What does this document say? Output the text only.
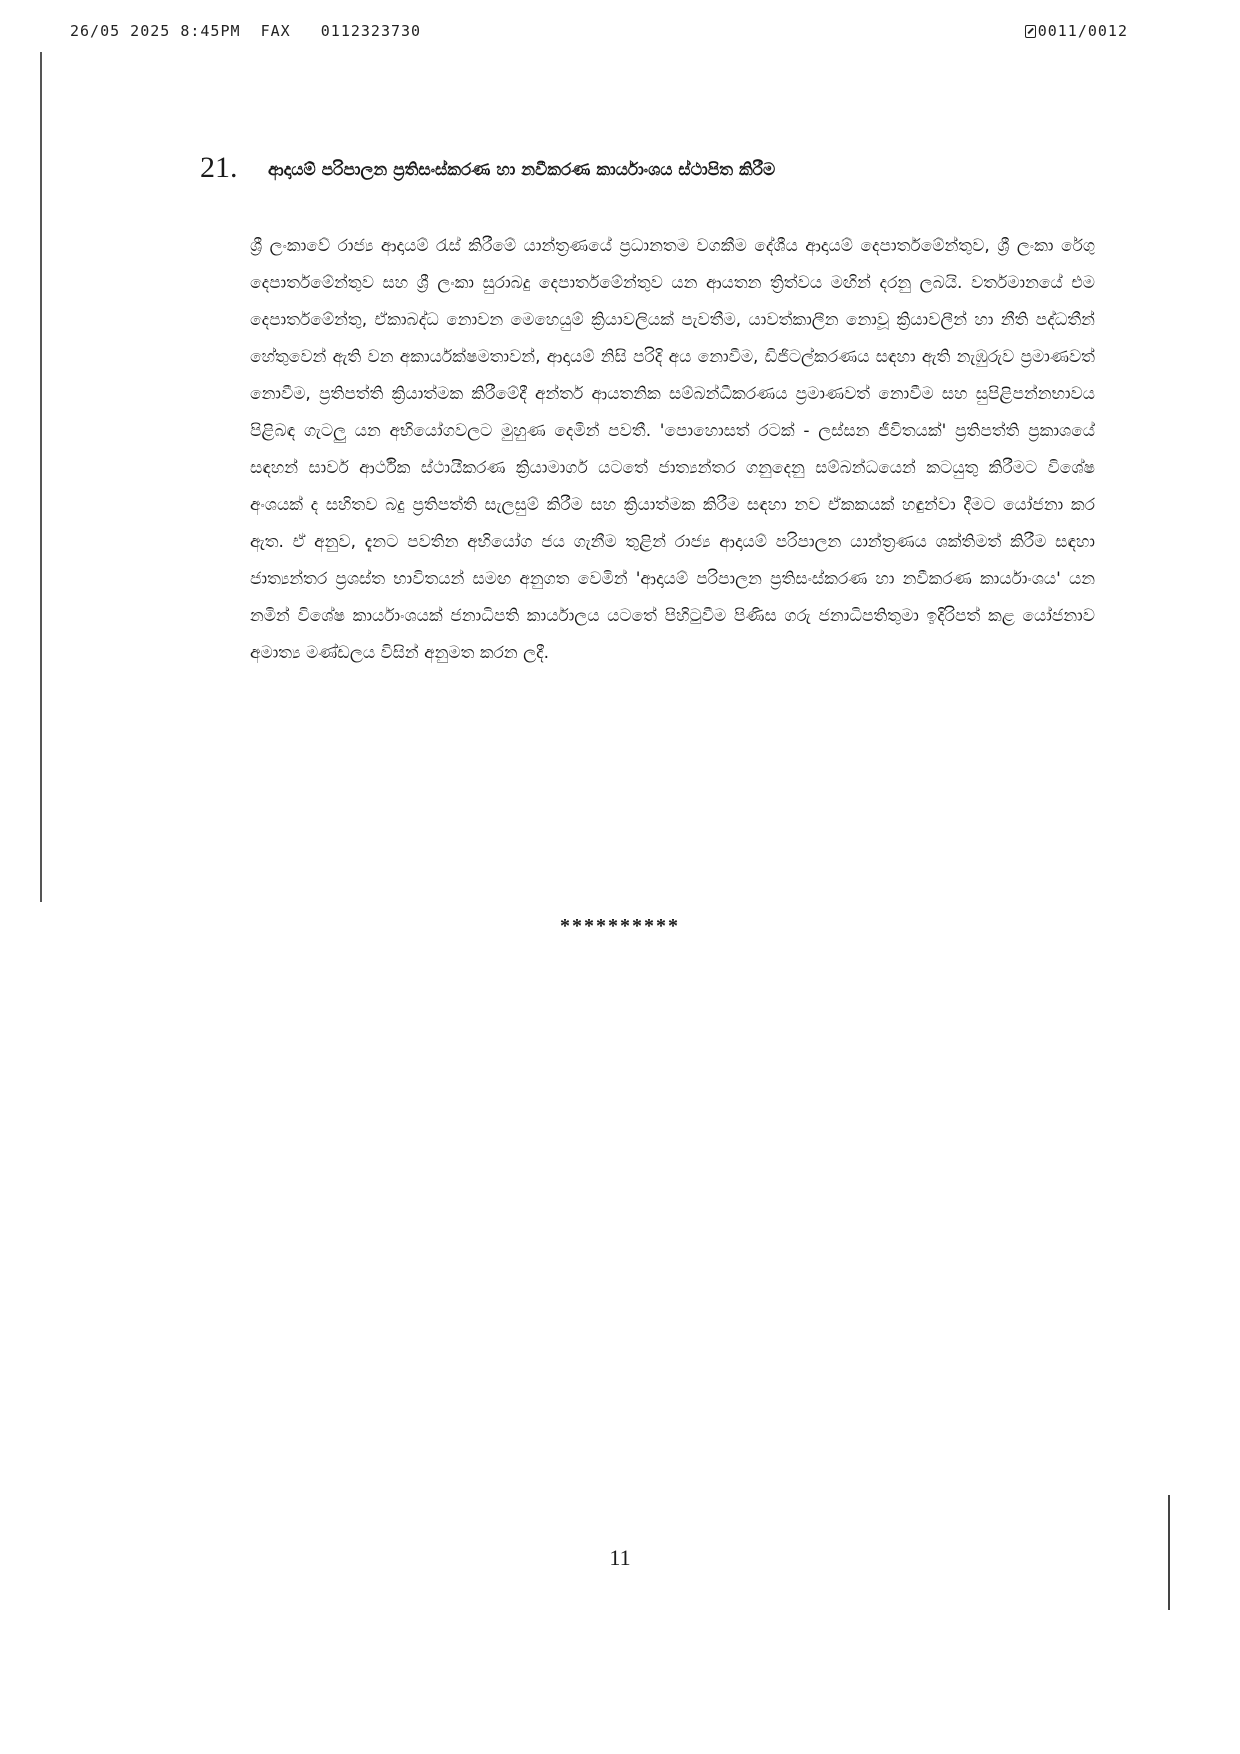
26/05 2025 8:45PM FAX 0112323730	0011/0012
21. ආදායම් පරිපාලන ප්‍රතිසංස්කරණ හා නවීකරණ කාර්යාංශය ස්ථාපිත කිරීම

ශ්‍රී ලංකාවේ රාජ්‍ය ආදායම් රැස් කිරීමේ යාන්ත්‍රණයේ ප්‍රධානතම වගකීම දේශීය ආදායම් දෙපාර්තමේන්තුව, ශ්‍රී ලංකා රේගු දෙපාර්තමේන්තුව සහ ශ්‍රී ලංකා සුරාබදු දෙපාර්තමේන්තුව යන ආයතන ත්‍රිත්වය මඟින් දරනු ලබයි. වර්තමානයේ එම දෙපාර්තමේන්තු, ඒකාබද්ධ නොවන මෙහෙයුම් ක්‍රියාවලියක් පැවතීම, යාවත්කාලීන නොවූ ක්‍රියාවලීන් හා නීති පද්ධතීන් හේතුවෙන් ඇති වන අකාර්යක්ෂමතාවන්, ආදායම් නිසි පරිදි අය නොවීම, ඩිජිටල්කරණය සඳහා ඇති නැඹුරුව ප්‍රමාණවත් නොවීම, ප්‍රතිපත්ති ක්‍රියාත්මක කිරීමේදී අන්තර් ආයතනික සම්බන්ධීකරණය ප්‍රමාණවත් නොවීම සහ සුපිළිපන්නභාවය පිළිබඳ ගැටලු යන අභියෝගවලට මුහුණ දෙමින් පවතී. 'පොහොසත් රටක් - ලස්සන ජීවිතයක්' ප්‍රතිපත්ති ප්‍රකාශයේ සඳහන් සාර්ව ආර්ථික ස්ථායීකරණ ක්‍රියාමාර්ග යටතේ ජාත්‍යන්තර ගනුදෙනු සම්බන්ධයෙන් කටයුතු කිරීමට විශේෂ අංශයක් ද සහිතව බදු ප්‍රතිපත්ති සැලසුම් කිරීම සහ ක්‍රියාත්මක කිරීම සඳහා නව ඒකකයක් හඳුන්වා දීමට යෝජනා කර ඇත. ඒ අනුව, දැනට පවතින අභියෝග ජය ගැනීම තුළින් රාජ්‍ය ආදායම් පරිපාලන යාන්ත්‍රණය ශක්තිමත් කිරීම සඳහා ජාත්‍යන්තර ප්‍රශස්ත භාවිතයන් සමඟ අනුගත වෙමින් 'ආදායම් පරිපාලන ප්‍රතිසංස්කරණ හා නවීකරණ කාර්යාංශය' යන නමින් විශේෂ කාර්යාංශයක් ජනාධිපති කාර්යාලය යටතේ පිහිටුවීම පිණිස ගරු ජනාධිපතිතුමා ඉදිරිපත් කළ යෝජනාව අමාත්‍ය මණ්ඩලය විසින් අනුමත කරන ලදී.

**********
11
